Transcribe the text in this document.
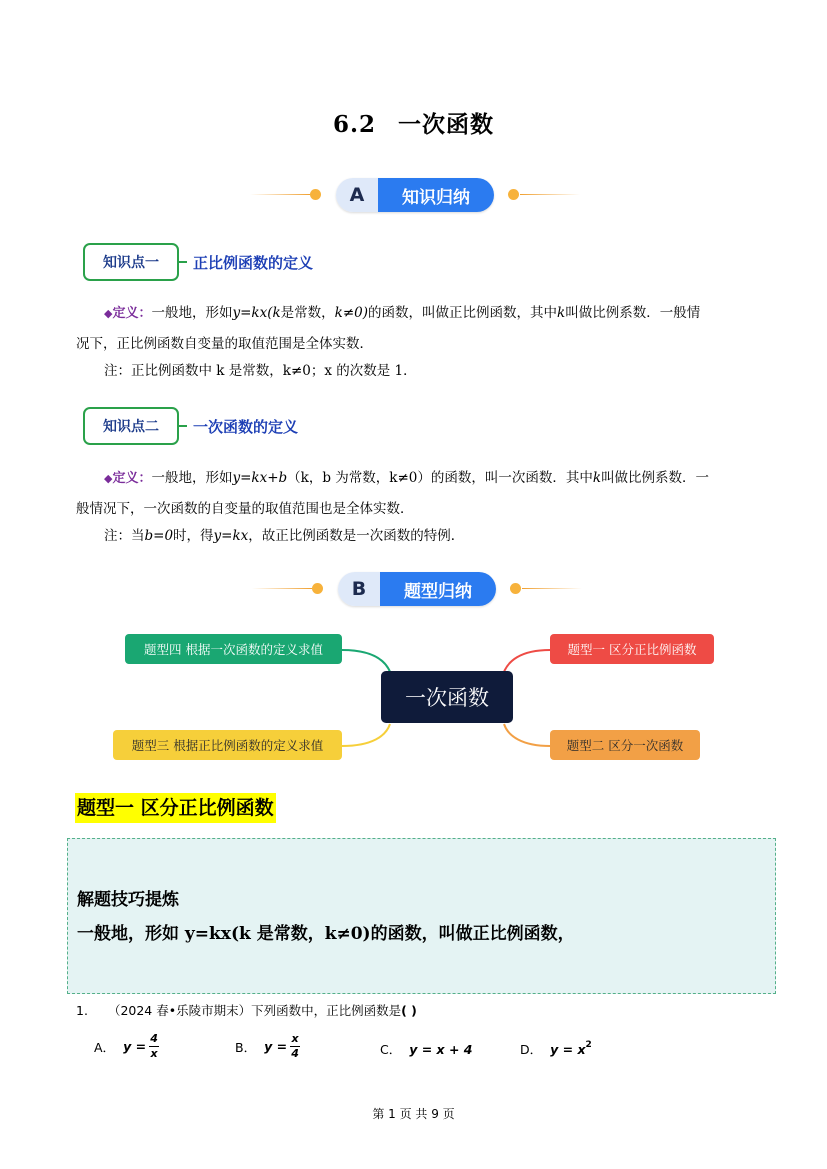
6.2 一次函数
A	知识归纳
知识点一	正比例函数的定义
◆定义：一般地，形如y=kx(k是常数，k≠0)的函数，叫做正比例函数，其中k叫做比例系数．一般情
况下，正比例函数自变量的取值范围是全体实数．
注：正比例函数中 k 是常数，k≠0；x 的次数是 1．
知识点二	一次函数的定义
◆定义：一般地，形如y=kx+b（k，b 为常数，k≠0）的函数，叫一次函数．其中k叫做比例系数．一
般情况下，一次函数的自变量的取值范围也是全体实数．
注：当b=0时，得y=kx，故正比例函数是一次函数的特例．
B	题型归纳
题型四 根据一次函数的定义求值
题型三 根据正比例函数的定义求值
题型一 区分正比例函数
题型二 区分一次函数
一次函数
题型一 区分正比例函数
解题技巧提炼
一般地，形如 y=kx(k 是常数，k≠0)的函数，叫做正比例函数，
1. （2024 春•乐陵市期末）下列函数中，正比例函数是( )
A． $y = \frac{4}{x}$	B． $y = \frac{x}{4}$	C． y = x + 4	D． $y = x^2$
第 1 页 共 9 页
